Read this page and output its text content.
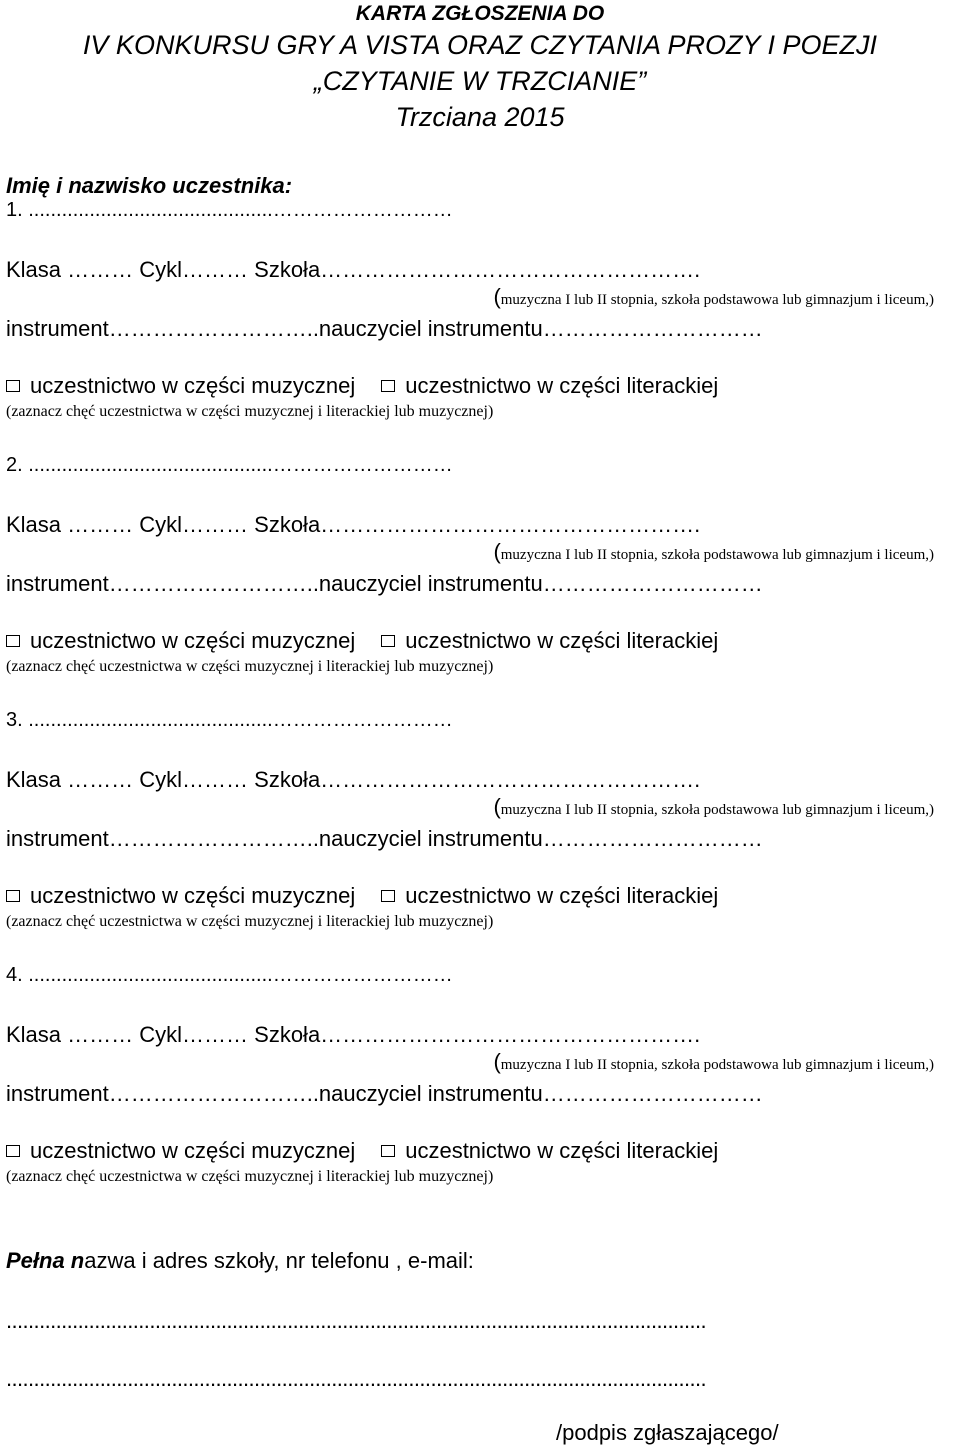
KARTA ZGŁOSZENIA DO
IV KONKURSU GRY A VISTA ORAZ CZYTANIA PROZY I POEZJI
„CZYTANIE W TRZCIANIE”
Trzciana 2015
Imię i nazwisko uczestnika:
1. ............................................………………………
Klasa ……… Cykl……… Szkoła…………………………………………….
(muzyczna I lub II stopnia, szkoła podstawowa lub gimnazjum i liceum,)
instrument………………………..nauczyciel instrumentu…………………………
uczestnictwo w części muzycznej uczestnictwo w części literackiej
(zaznacz chęć uczestnictwa w części muzycznej i literackiej lub muzycznej)
2. ............................................………………………
Klasa ……… Cykl……… Szkoła…………………………………………….
(muzyczna I lub II stopnia, szkoła podstawowa lub gimnazjum i liceum,)
instrument………………………..nauczyciel instrumentu…………………………
uczestnictwo w części muzycznej uczestnictwo w części literackiej
(zaznacz chęć uczestnictwa w części muzycznej i literackiej lub muzycznej)
3. ............................................………………………
Klasa ……… Cykl……… Szkoła…………………………………………….
(muzyczna I lub II stopnia, szkoła podstawowa lub gimnazjum i liceum,)
instrument………………………..nauczyciel instrumentu…………………………
uczestnictwo w części muzycznej uczestnictwo w części literackiej
(zaznacz chęć uczestnictwa w części muzycznej i literackiej lub muzycznej)
4. ............................................………………………
Klasa ……… Cykl……… Szkoła…………………………………………….
(muzyczna I lub II stopnia, szkoła podstawowa lub gimnazjum i liceum,)
instrument………………………..nauczyciel instrumentu…………………………
uczestnictwo w części muzycznej uczestnictwo w części literackiej
(zaznacz chęć uczestnictwa w części muzycznej i literackiej lub muzycznej)
Pełna nazwa i adres szkoły, nr telefonu , e-mail:
...............................................................................................................................
...............................................................................................................................
/podpis zgłaszającego/
